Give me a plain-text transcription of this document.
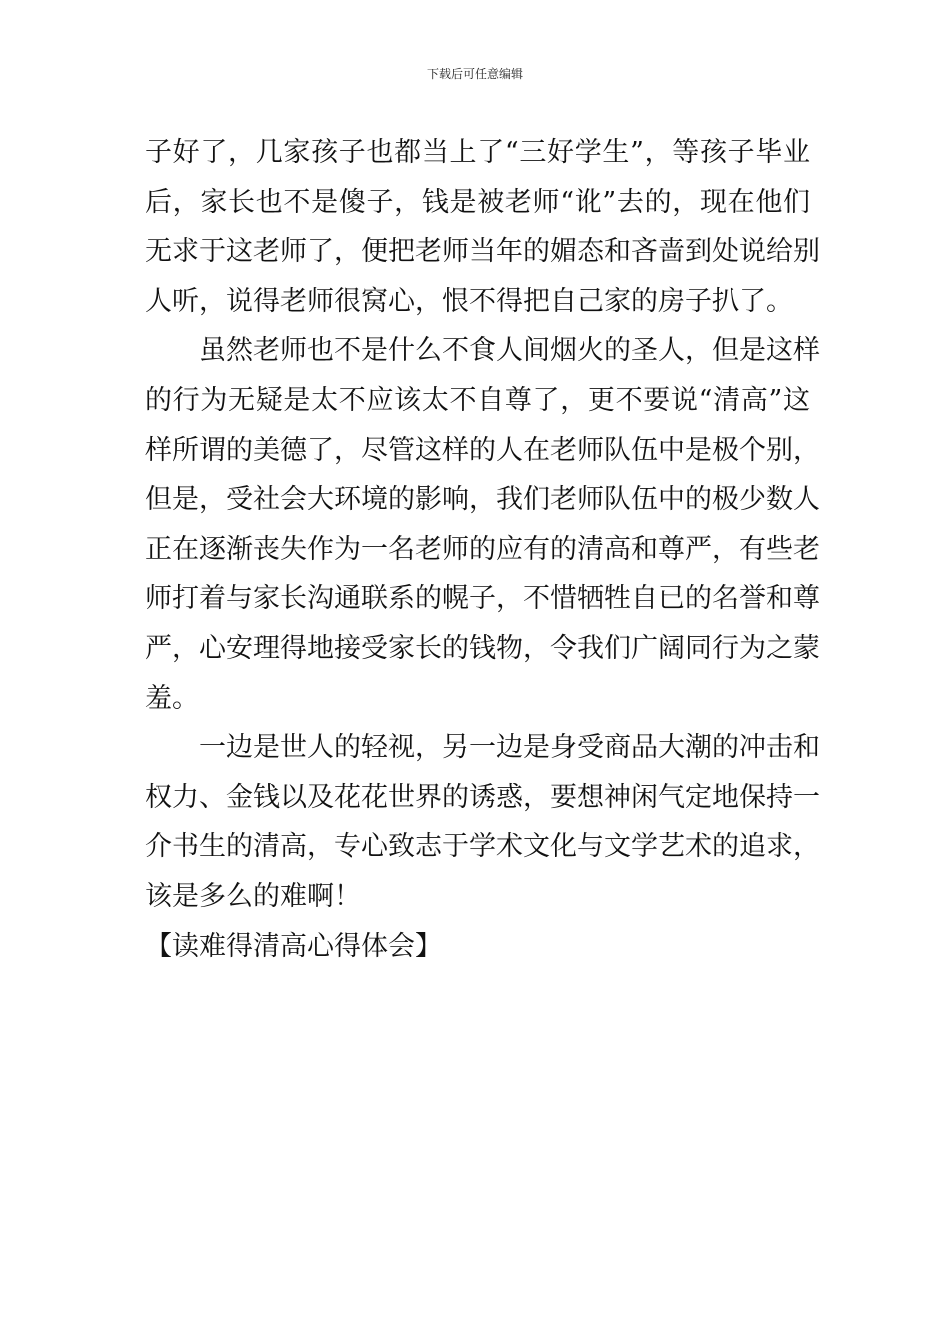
下载后可任意编辑
子好了，几家孩子也都当上了“三好学生”，等孩子毕业
后，家长也不是傻子，钱是被老师“讹”去的，现在他们
无求于这老师了，便把老师当年的媚态和吝啬到处说给别
人听，说得老师很窝心，恨不得把自己家的房子扒了。
虽然老师也不是什么不食人间烟火的圣人，但是这样
的行为无疑是太不应该太不自尊了，更不要说“清高”这
样所谓的美德了，尽管这样的人在老师队伍中是极个别，
但是，受社会大环境的影响，我们老师队伍中的极少数人
正在逐渐丧失作为一名老师的应有的清高和尊严，有些老
师打着与家长沟通联系的幌子，不惜牺牲自已的名誉和尊
严，心安理得地接受家长的钱物，令我们广阔同行为之蒙
羞。
一边是世人的轻视，另一边是身受商品大潮的冲击和
权力、金钱以及花花世界的诱惑，要想神闲气定地保持一
介书生的清高，专心致志于学术文化与文学艺术的追求，
该是多么的难啊！
【读难得清高心得体会】
